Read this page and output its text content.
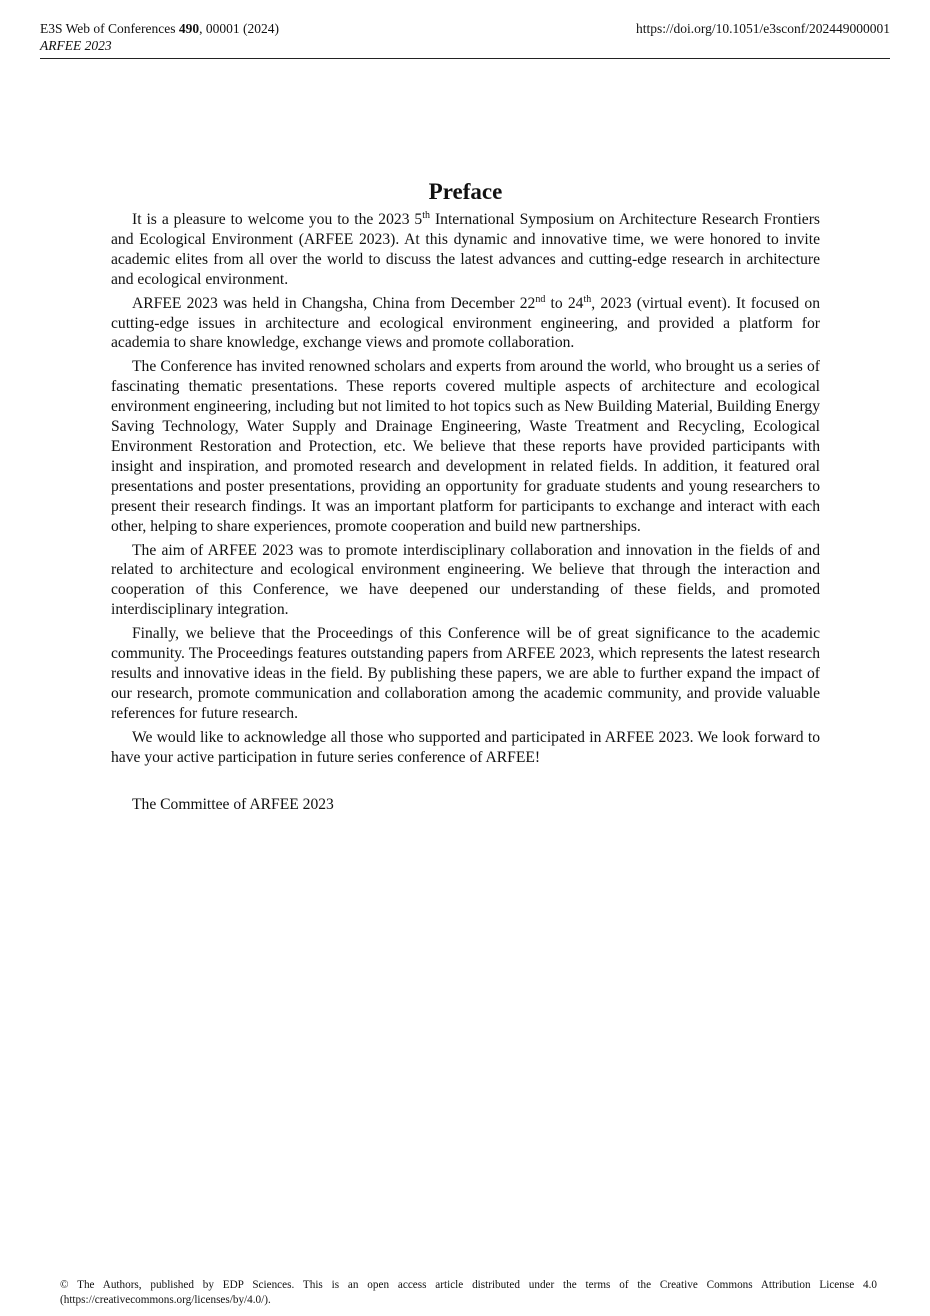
E3S Web of Conferences 490, 00001 (2024)
ARFEE 2023
https://doi.org/10.1051/e3sconf/202449000001
Preface

It is a pleasure to welcome you to the 2023 5th International Symposium on Architecture Research Frontiers and Ecological Environment (ARFEE 2023). At this dynamic and innovative time, we were honored to invite academic elites from all over the world to discuss the latest advances and cutting-edge research in architecture and ecological environment.

ARFEE 2023 was held in Changsha, China from December 22nd to 24th, 2023 (virtual event). It focused on cutting-edge issues in architecture and ecological environment engineering, and provided a platform for academia to share knowledge, exchange views and promote collaboration.

The Conference has invited renowned scholars and experts from around the world, who brought us a series of fascinating thematic presentations. These reports covered multiple aspects of architecture and ecological environment engineering, including but not limited to hot topics such as New Building Material, Building Energy Saving Technology, Water Supply and Drainage Engineering, Waste Treatment and Recycling, Ecological Environment Restoration and Protection, etc. We believe that these reports have provided participants with insight and inspiration, and promoted research and development in related fields. In addition, it featured oral presentations and poster presentations, providing an opportunity for graduate students and young researchers to present their research findings. It was an important platform for participants to exchange and interact with each other, helping to share experiences, promote cooperation and build new partnerships.

The aim of ARFEE 2023 was to promote interdisciplinary collaboration and innovation in the fields of and related to architecture and ecological environment engineering. We believe that through the interaction and cooperation of this Conference, we have deepened our understanding of these fields, and promoted interdisciplinary integration.

Finally, we believe that the Proceedings of this Conference will be of great significance to the academic community. The Proceedings features outstanding papers from ARFEE 2023, which represents the latest research results and innovative ideas in the field. By publishing these papers, we are able to further expand the impact of our research, promote communication and collaboration among the academic community, and provide valuable references for future research.

We would like to acknowledge all those who supported and participated in ARFEE 2023. We look forward to have your active participation in future series conference of ARFEE!

The Committee of ARFEE 2023
© The Authors, published by EDP Sciences. This is an open access article distributed under the terms of the Creative Commons Attribution License 4.0 (https://creativecommons.org/licenses/by/4.0/).
